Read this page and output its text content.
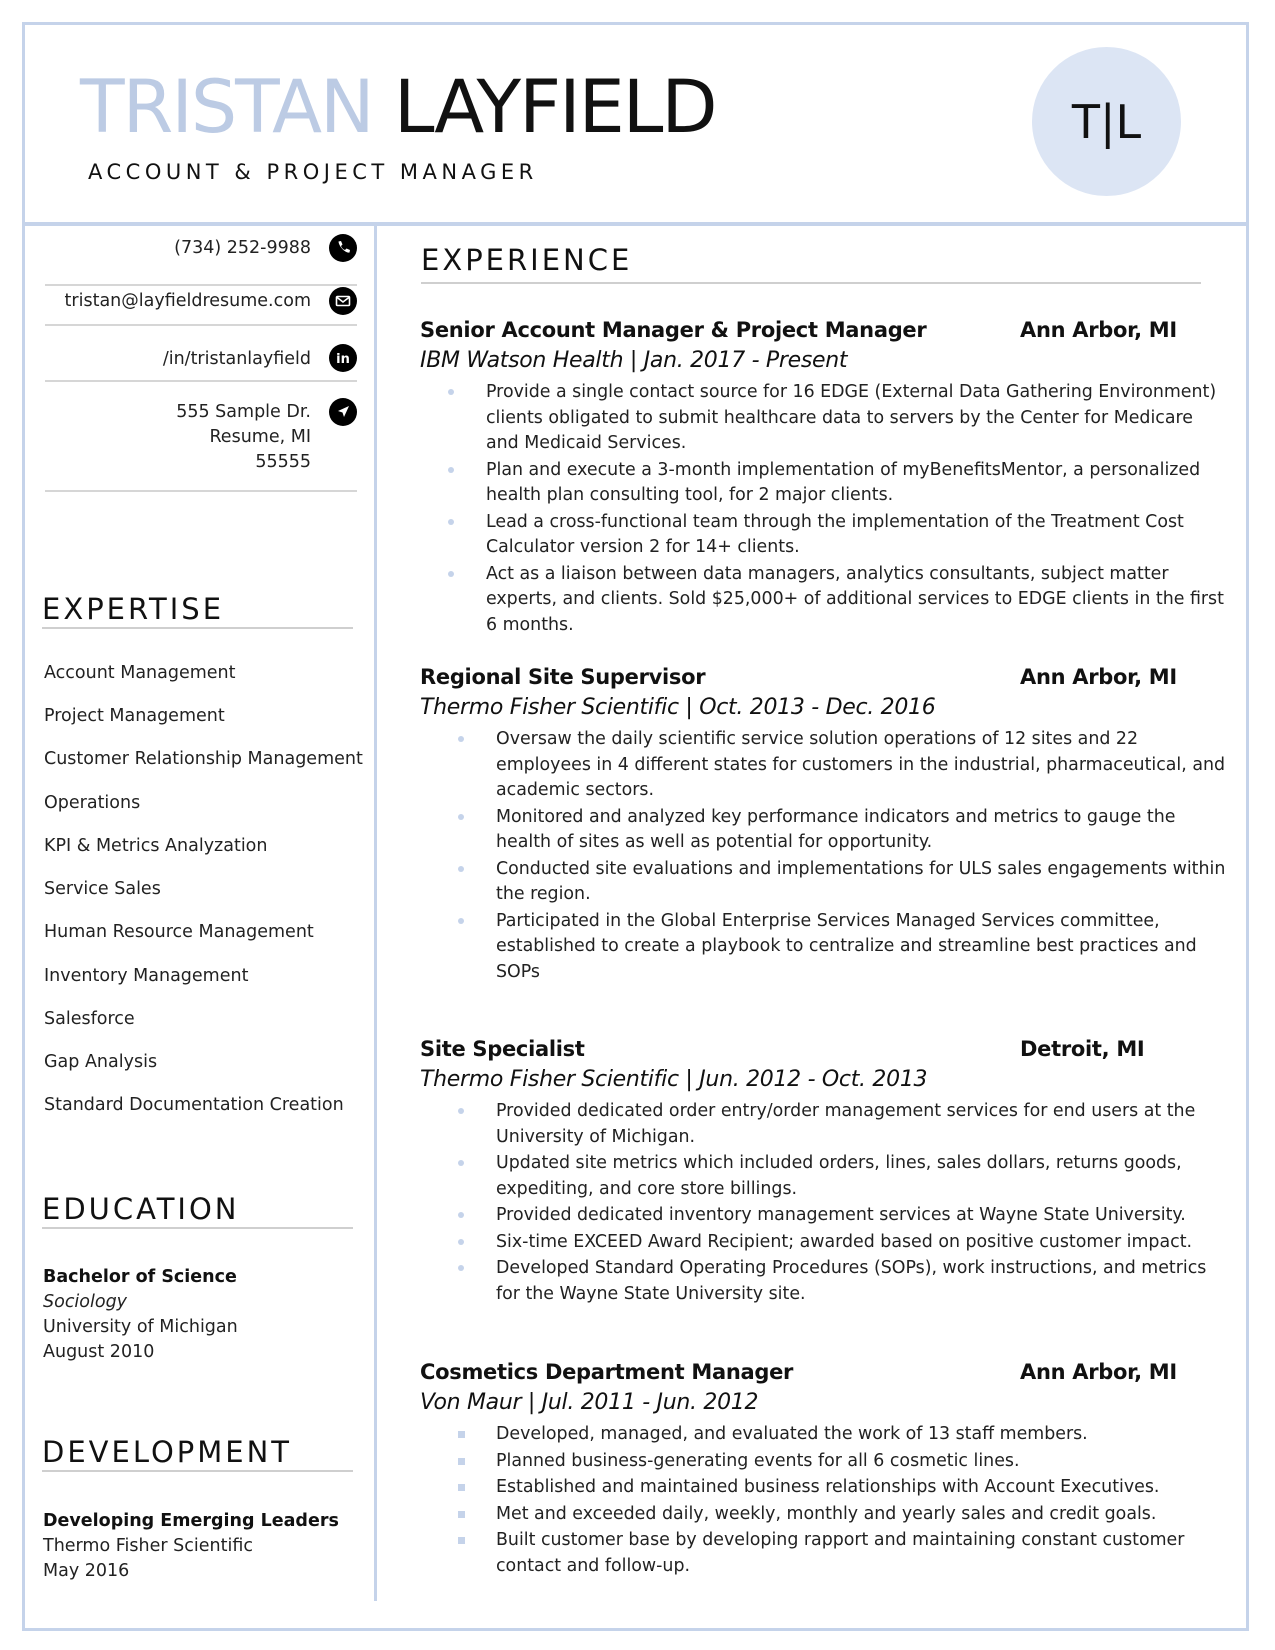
TRISTAN LAYFIELD
ACCOUNT & PROJECT MANAGER
T|L
(734) 252-9988
tristan@layfieldresume.com
/in/tristanlayfield in
555 Sample Dr.
Resume, MI
55555
EXPERTISE
Account Management
Project Management
Customer Relationship Management
Operations
KPI & Metrics Analyzation
Service Sales
Human Resource Management
Inventory Management
Salesforce
Gap Analysis
Standard Documentation Creation
EDUCATION
Bachelor of Science
Sociology
University of Michigan
August 2010
DEVELOPMENT
Developing Emerging Leaders
Thermo Fisher Scientific
May 2016
EXPERIENCE
Senior Account Manager & Project Manager	Ann Arbor, MI
IBM Watson Health | Jan. 2017 - Present
Provide a single contact source for 16 EDGE (External Data Gathering Environment) clients obligated to submit healthcare data to servers by the Center for Medicare and Medicaid Services.
Plan and execute a 3-month implementation of myBenefitsMentor, a personalized health plan consulting tool, for 2 major clients.
Lead a cross-functional team through the implementation of the Treatment Cost Calculator version 2 for 14+ clients.
Act as a liaison between data managers, analytics consultants, subject matter experts, and clients. Sold $25,000+ of additional services to EDGE clients in the first 6 months.
Regional Site Supervisor	Ann Arbor, MI
Thermo Fisher Scientific | Oct. 2013 - Dec. 2016
Oversaw the daily scientific service solution operations of 12 sites and 22 employees in 4 different states for customers in the industrial, pharmaceutical, and academic sectors.
Monitored and analyzed key performance indicators and metrics to gauge the health of sites as well as potential for opportunity.
Conducted site evaluations and implementations for ULS sales engagements within the region.
Participated in the Global Enterprise Services Managed Services committee, established to create a playbook to centralize and streamline best practices and SOPs
Site Specialist	Detroit, MI
Thermo Fisher Scientific | Jun. 2012 - Oct. 2013
Provided dedicated order entry/order management services for end users at the University of Michigan.
Updated site metrics which included orders, lines, sales dollars, returns goods, expediting, and core store billings.
Provided dedicated inventory management services at Wayne State University.
Six-time EXCEED Award Recipient; awarded based on positive customer impact.
Developed Standard Operating Procedures (SOPs), work instructions, and metrics for the Wayne State University site.
Cosmetics Department Manager	Ann Arbor, MI
Von Maur | Jul. 2011 - Jun. 2012
Developed, managed, and evaluated the work of 13 staff members.
Planned business-generating events for all 6 cosmetic lines.
Established and maintained business relationships with Account Executives.
Met and exceeded daily, weekly, monthly and yearly sales and credit goals.
Built customer base by developing rapport and maintaining constant customer contact and follow-up.
